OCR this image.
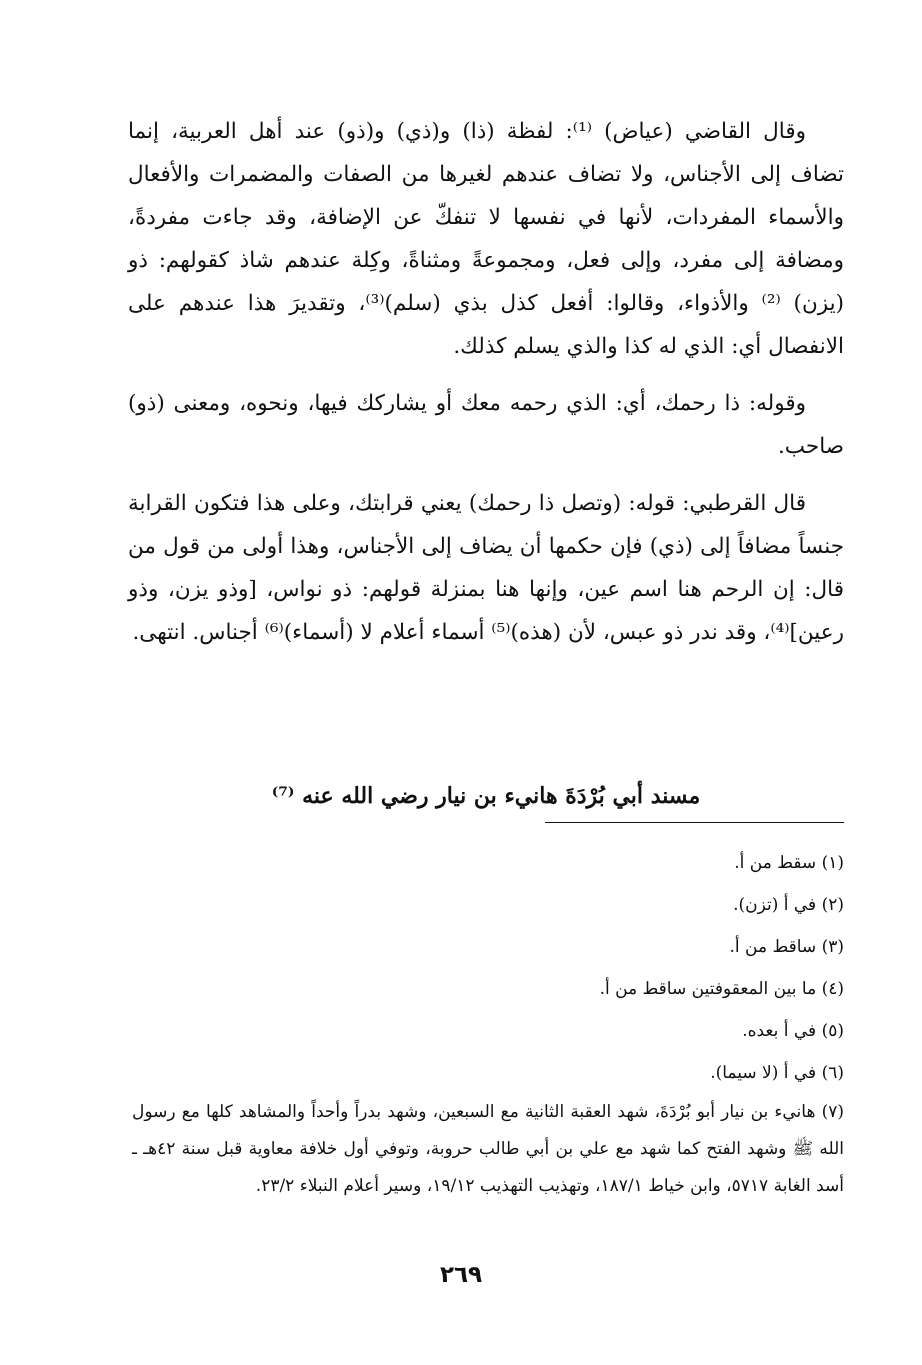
وقال القاضي (عياض) ⁽¹⁾: لفظة (ذا) و(ذي) و(ذو) عند أهل العربية، إنما تضاف إلى الأجناس، ولا تضاف عندهم لغيرها من الصفات والمضمرات والأفعال والأسماء المفردات، لأنها في نفسها لا تنفكّ عن الإضافة، وقد جاءت مفردةً، ومضافة إلى مفرد، وإلى فعل، ومجموعةً ومثناةً، وكِلة عندهم شاذ كقولهم: ذو (يزن) ⁽²⁾ والأذواء، وقالوا: أفعل كذل بذي (سلم)⁽³⁾، وتقديرَ هذا عندهم على الانفصال أي: الذي له كذا والذي يسلم كذلك.

وقوله: ذا رحمك، أي: الذي رحمه معك أو يشاركك فيها، ونحوه، ومعنى (ذو) صاحب.

قال القرطبي: قوله: (وتصل ذا رحمك) يعني قرابتك، وعلى هذا فتكون القرابة جنساً مضافاً إلى (ذي) فإن حكمها أن يضاف إلى الأجناس، وهذا أولى من قول من قال: إن الرحم هنا اسم عين، وإنها هنا بمنزلة قولهم: ذو نواس، [وذو يزن، وذو رعين]⁽⁴⁾، وقد ندر ذو عبس، لأن (هذه)⁽⁵⁾ أسماء أعلام لا (أسماء)⁽⁶⁾ أجناس. انتهى.

مسند أبي بُرْدَةَ هانيء بن نيار رضي الله عنه ⁽⁷⁾

(١) سقط من أ.

(٢) في أ (تزن).

(٣) ساقط من أ.

(٤) ما بين المعقوفتين ساقط من أ.

(٥) في أ بعده.

(٦) في أ (لا سيما).

(٧) هانيء بن نيار أبو بُرْدَةَ، شهد العقبة الثانية مع السبعين، وشهد بدراً وأحداً والمشاهد كلها مع رسول الله ﷺ وشهد الفتح كما شهد مع علي بن أبي طالب حروبة، وتوفي أول خلافة معاوية قبل سنة ٤٢هـ ـ أسد الغابة ٥٧١٧، وابن خياط ١٨٧/١، وتهذيب التهذيب ١٩/١٢، وسير أعلام النبلاء ٢٣/٢.

٢٦٩
